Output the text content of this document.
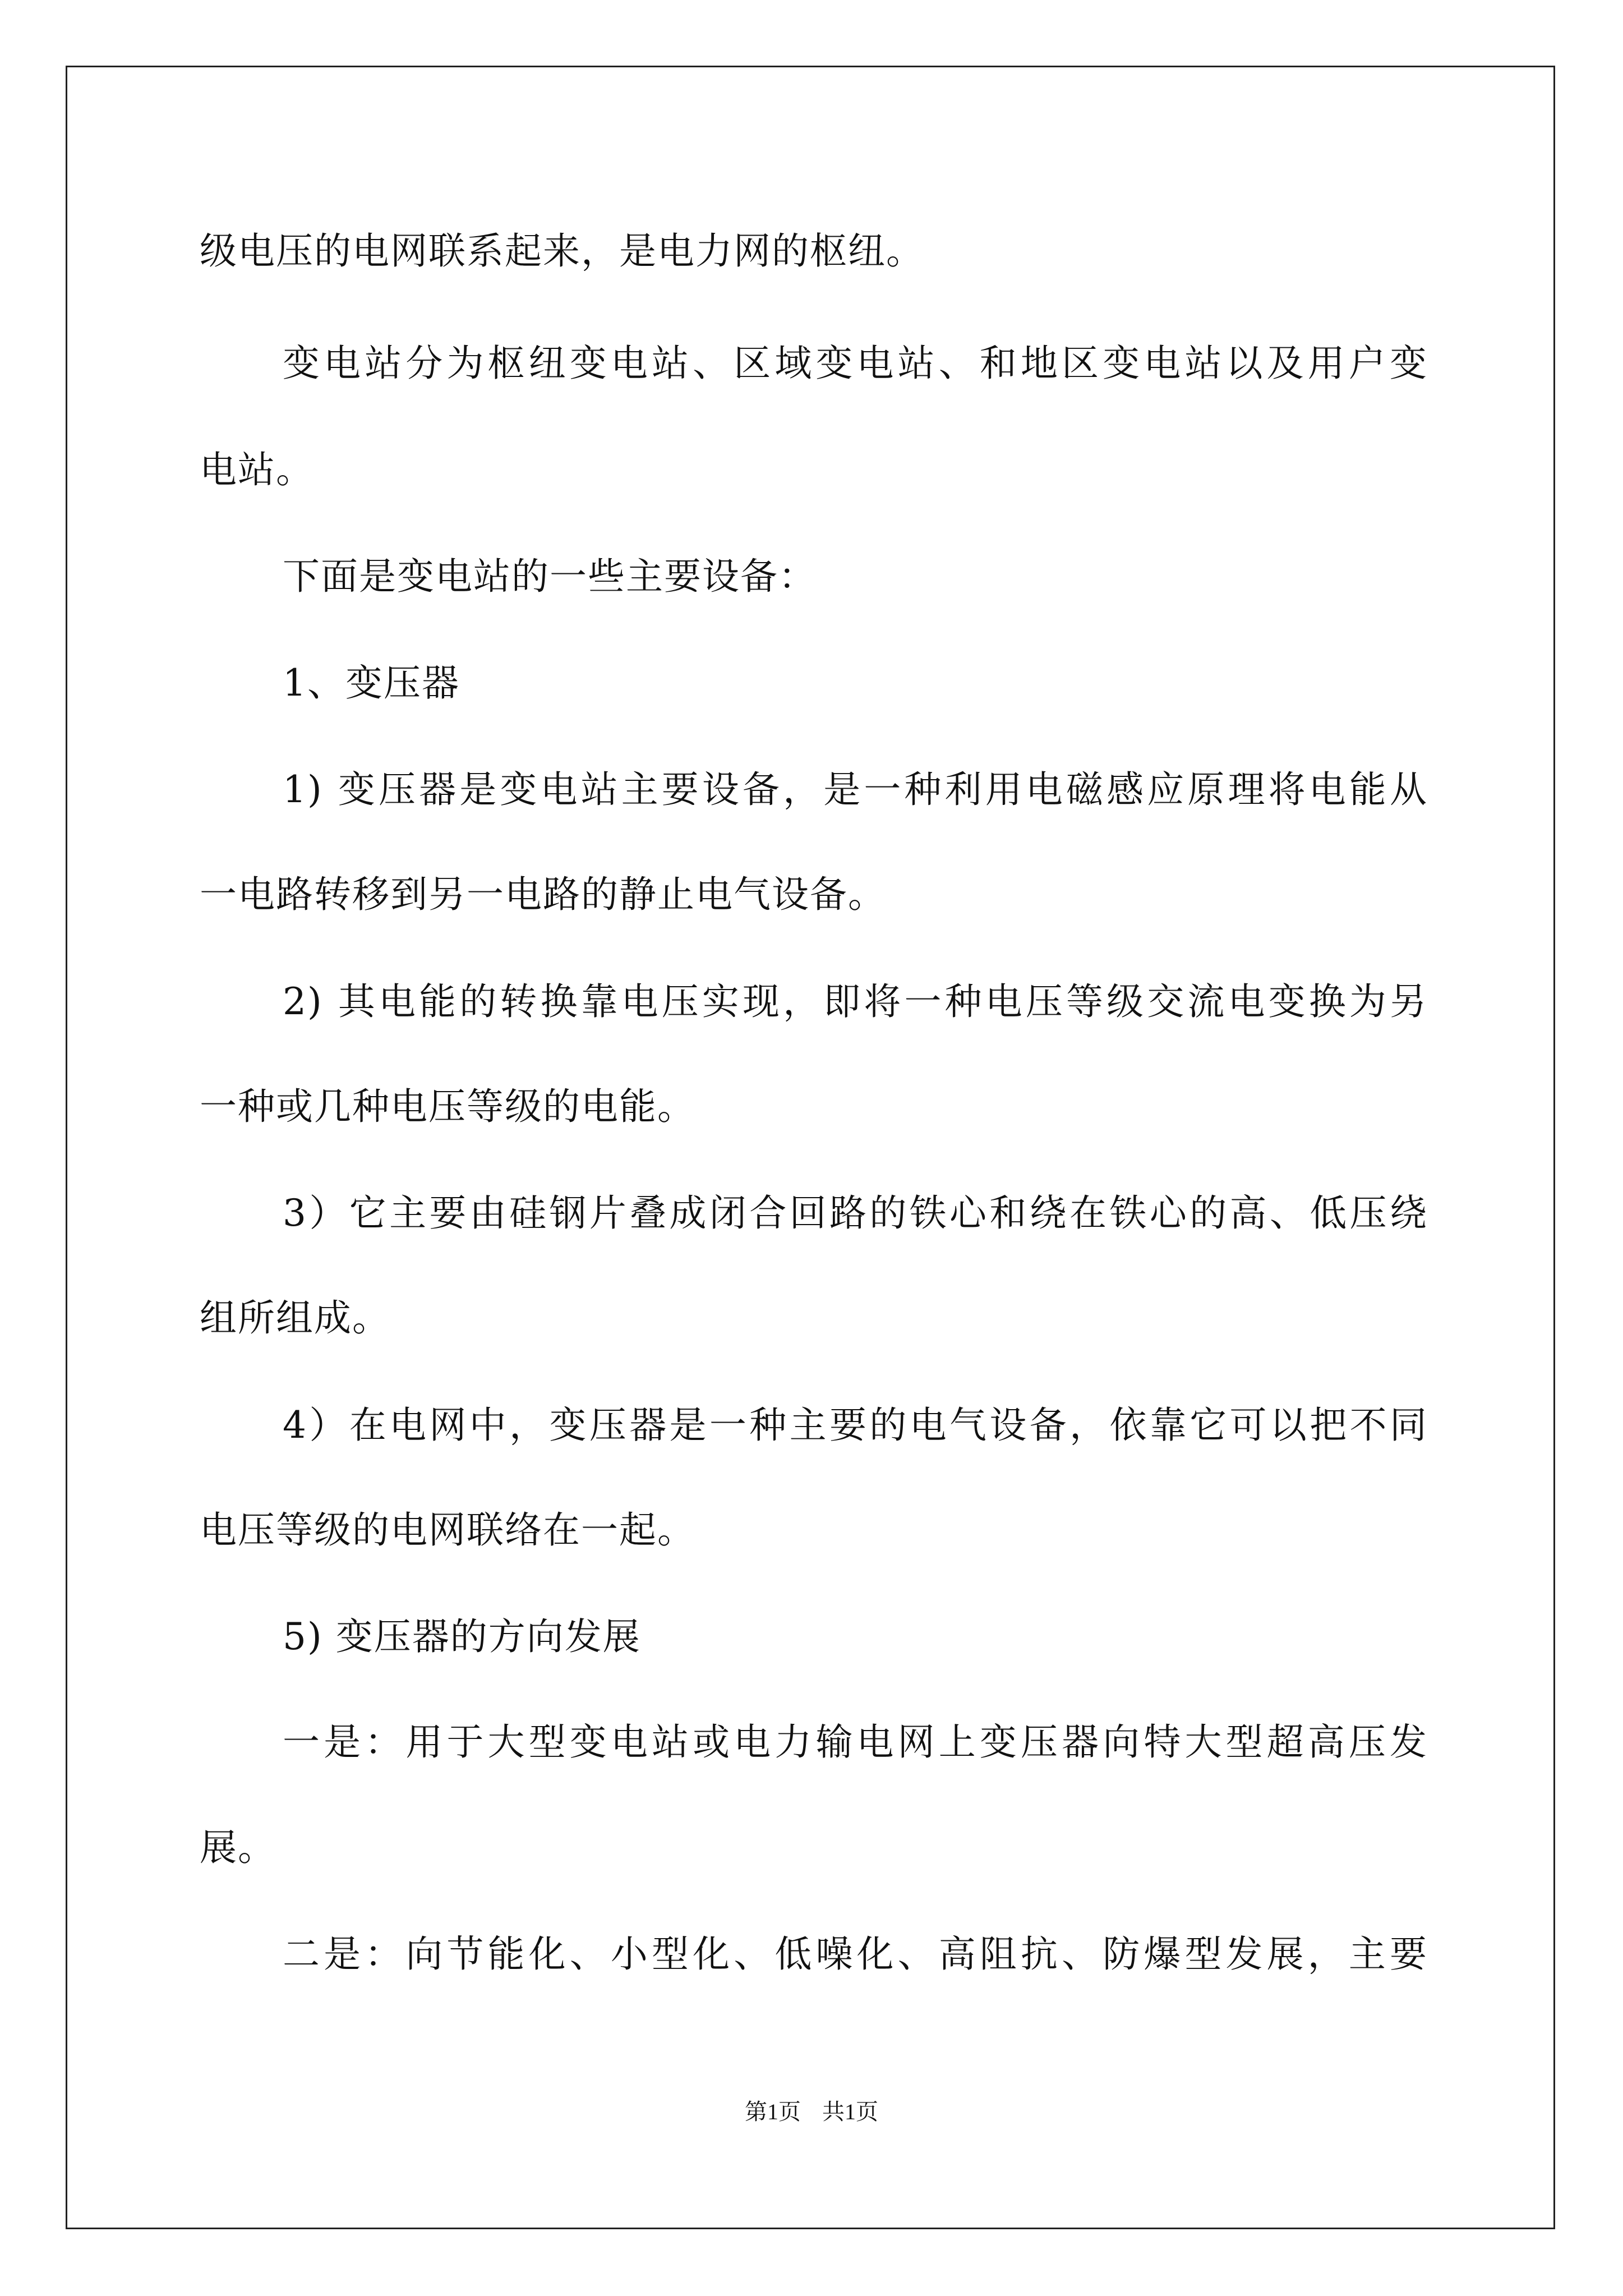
级电压的电网联系起来，是电力网的枢纽。
变电站分为枢纽变电站、区域变电站、和地区变电站以及用户变
电站。
下面是变电站的一些主要设备：
1、变压器
1) 变压器是变电站主要设备，是一种利用电磁感应原理将电能从
一电路转移到另一电路的静止电气设备。
2) 其电能的转换靠电压实现，即将一种电压等级交流电变换为另
一种或几种电压等级的电能。
3）它主要由硅钢片叠成闭合回路的铁心和绕在铁心的高、低压绕
组所组成。
4）在电网中，变压器是一种主要的电气设备，依靠它可以把不同
电压等级的电网联络在一起。
5) 变压器的方向发展
一是：用于大型变电站或电力输电网上变压器向特大型超高压发
展。
二是：向节能化、小型化、低噪化、高阻抗、防爆型发展，主要
第1页 共1页
